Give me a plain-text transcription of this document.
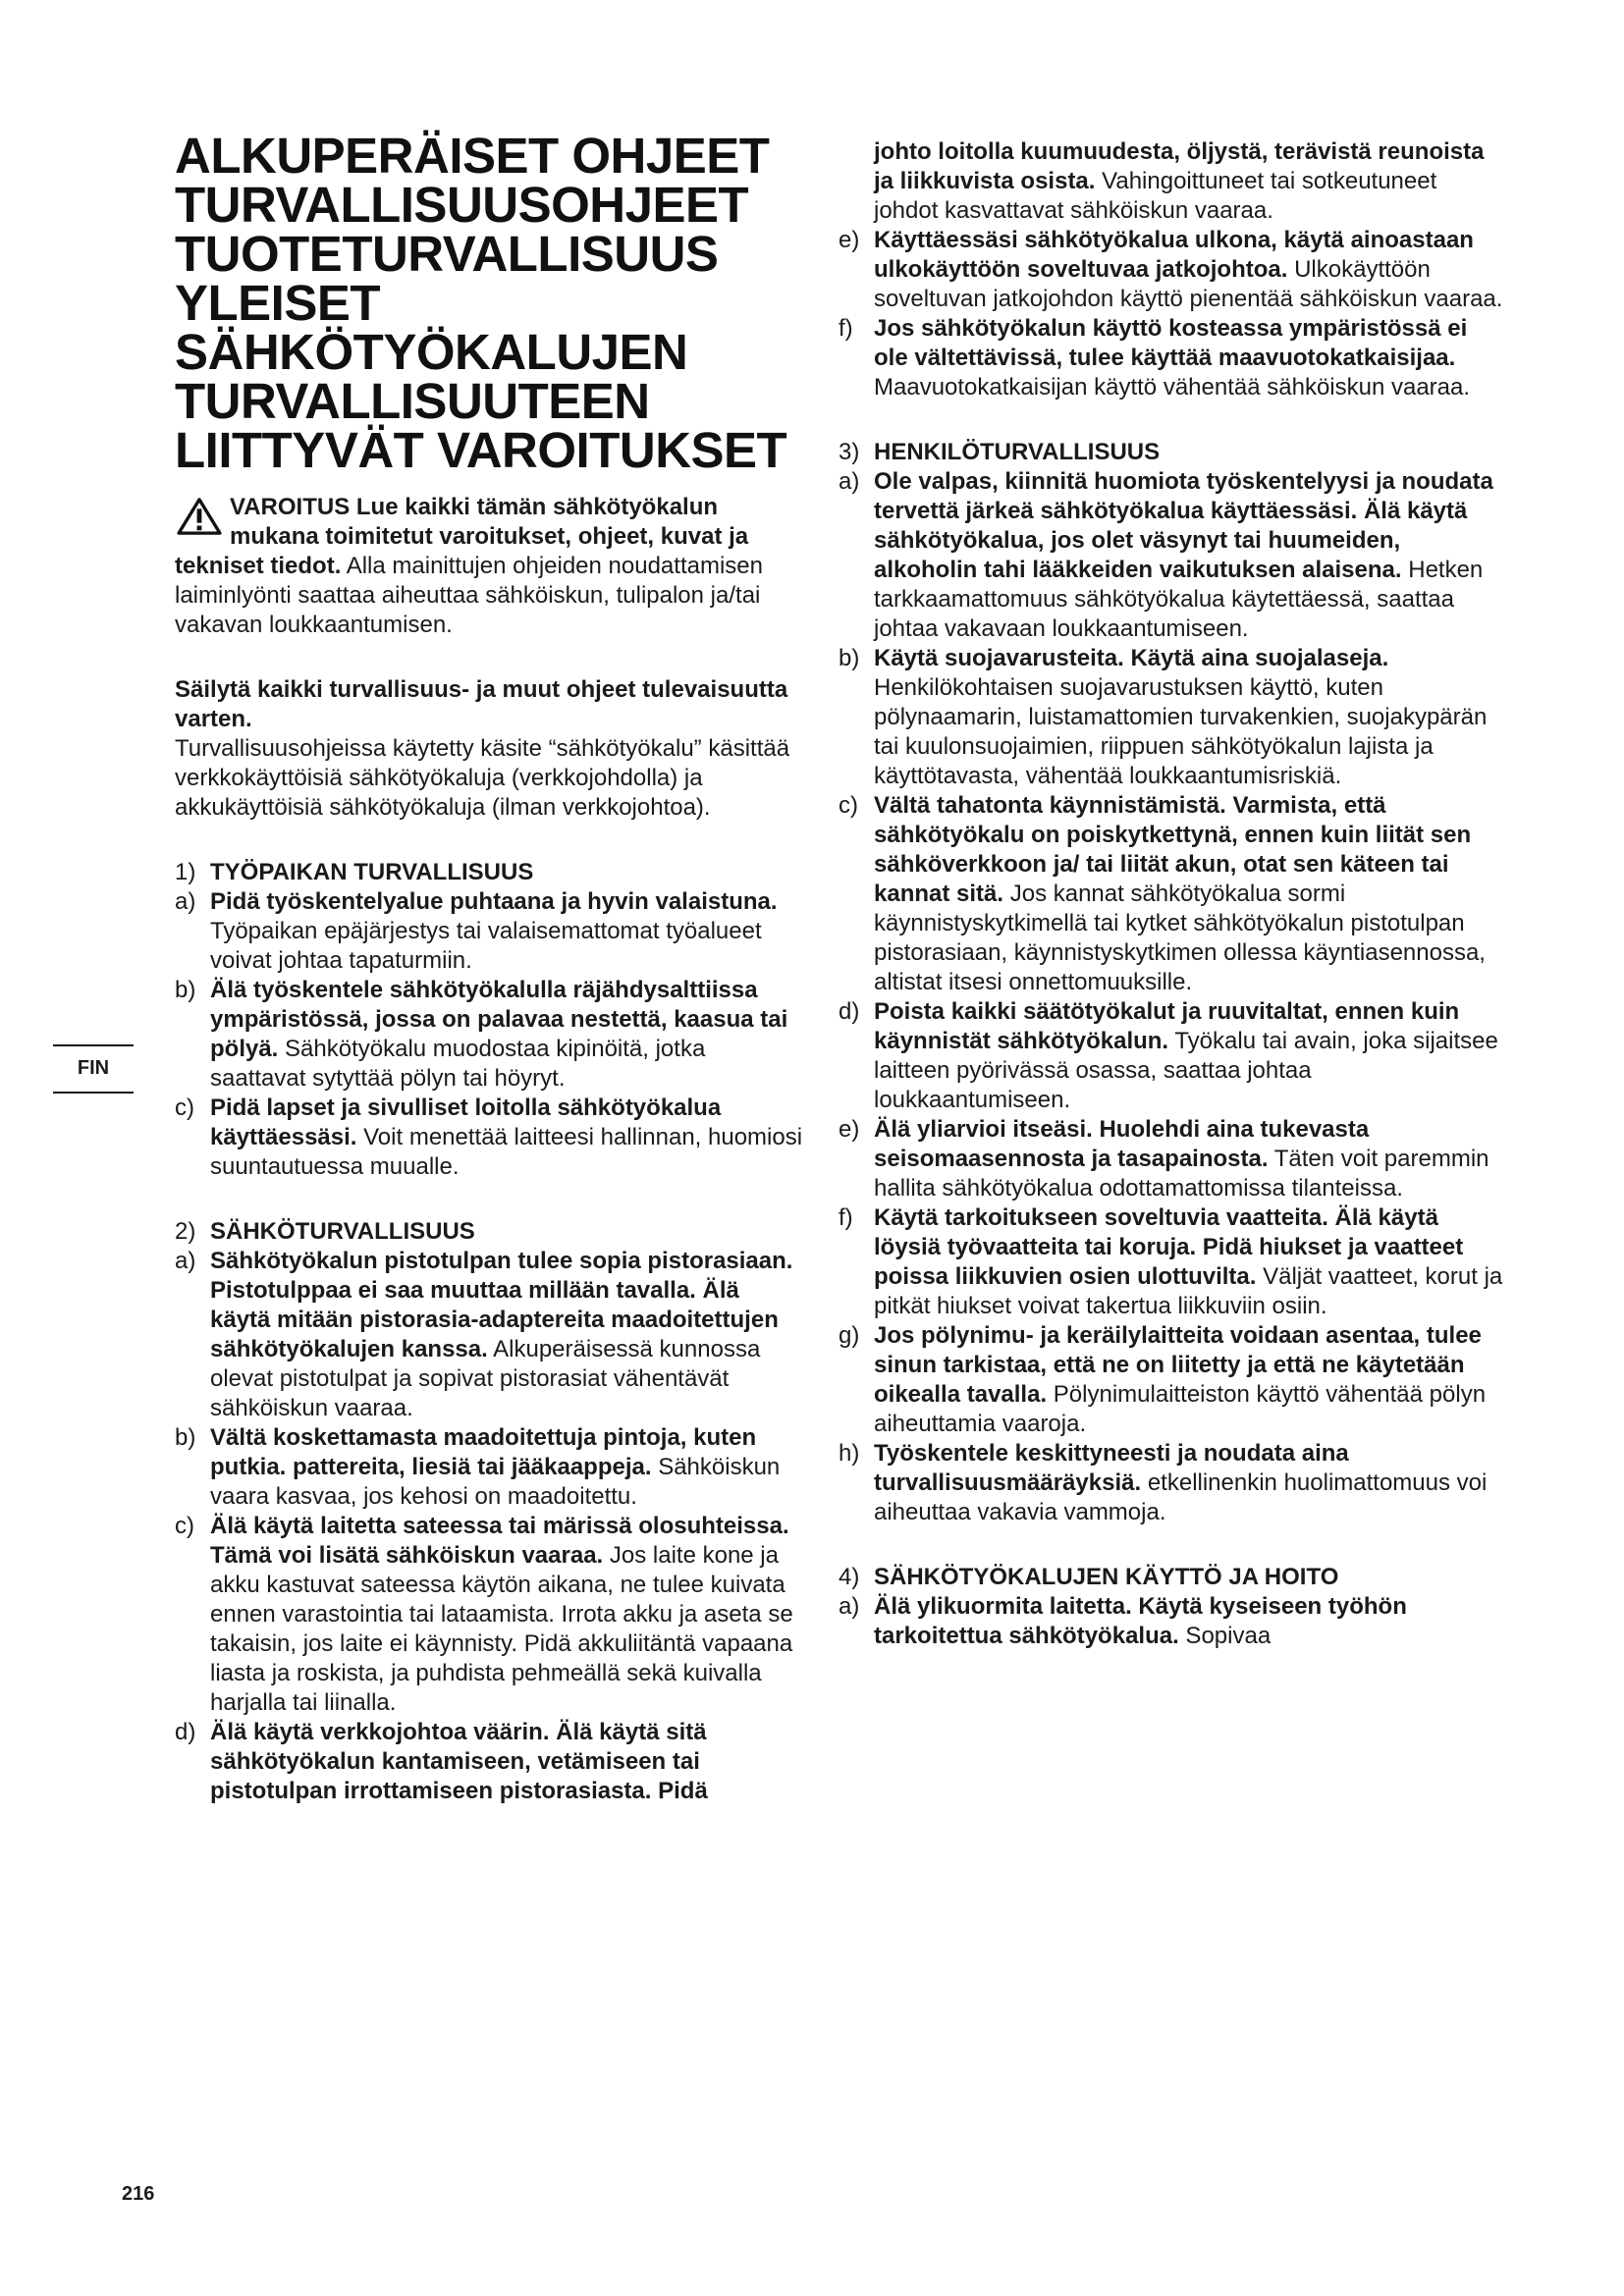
ALKUPERÄISET OHJEET
TURVALLISUUSOHJEET
TUOTETURVALLISUUS
YLEISET
SÄHKÖTYÖKALUJEN
TURVALLISUUTEEN
LIITTYVÄT VAROITUKSET

VAROITUS Lue kaikki tämän sähkötyökalun mukana toimitetut varoitukset, ohjeet, kuvat ja tekniset tiedot. Alla mainittujen ohjeiden noudattamisen laiminlyönti saattaa aiheuttaa sähköiskun, tulipalon ja/tai vakavan loukkaantumisen.

Säilytä kaikki turvallisuus- ja muut ohjeet tulevaisuutta varten.
Turvallisuusohjeissa käytetty käsite “sähkötyökalu” käsittää verkkokäyttöisiä sähkötyökaluja (verkkojohdolla) ja akkukäyttöisiä sähkötyökaluja (ilman verkkojohtoa).

1) TYÖPAIKAN TURVALLISUUS
a) Pidä työskentelyalue puhtaana ja hyvin valaistuna. Työpaikan epäjärjestys tai valaisemattomat työalueet voivat johtaa tapaturmiin.
b) Älä työskentele sähkötyökalulla räjähdysalttiissa ympäristössä, jossa on palavaa nestettä, kaasua tai pölyä. Sähkötyökalu muodostaa kipinöitä, jotka saattavat sytyttää pölyn tai höyryt.
c) Pidä lapset ja sivulliset loitolla sähkötyökalua käyttäessäsi. Voit menettää laitteesi hallinnan, huomiosi suuntautuessa muualle.
2) SÄHKÖTURVALLISUUS
a) Sähkötyökalun pistotulpan tulee sopia pistorasiaan. Pistotulppaa ei saa muuttaa millään tavalla. Älä käytä mitään pistorasia-adaptereita maadoitettujen sähkötyökalujen kanssa. Alkuperäisessä kunnossa olevat pistotulpat ja sopivat pistorasiat vähentävät sähköiskun vaaraa.
b) Vältä koskettamasta maadoitettuja pintoja, kuten putkia. pattereita, liesiä tai jääkaappeja. Sähköiskun vaara kasvaa, jos kehosi on maadoitettu.
c) Älä käytä laitetta sateessa tai märissä olosuhteissa. Tämä voi lisätä sähköiskun vaaraa. Jos laite kone ja akku kastuvat sateessa käytön aikana, ne tulee kuivata ennen varastointia tai lataamista. Irrota akku ja aseta se takaisin, jos laite ei käynnisty. Pidä akkuliitäntä vapaana liasta ja roskista, ja puhdista pehmeällä sekä kuivalla harjalla tai liinalla.
d) Älä käytä verkkojohtoa väärin. Älä käytä sitä sähkötyökalun kantamiseen, vetämiseen tai pistotulpan irrottamiseen pistorasiasta. Pidä
johto loitolla kuumuudesta, öljystä, terävistä reunoista ja liikkuvista osista. Vahingoittuneet tai sotkeutuneet johdot kasvattavat sähköiskun vaaraa.
e) Käyttäessäsi sähkötyökalua ulkona, käytä ainoastaan ulkokäyttöön soveltuvaa jatkojohtoa. Ulkokäyttöön soveltuvan jatkojohdon käyttö pienentää sähköiskun vaaraa.
f) Jos sähkötyökalun käyttö kosteassa ympäristössä ei ole vältettävissä, tulee käyttää maavuotokatkaisijaa. Maavuotokatkaisijan käyttö vähentää sähköiskun vaaraa.
3) HENKILÖTURVALLISUUS
a) Ole valpas, kiinnitä huomiota työskentelyysi ja noudata tervettä järkeä sähkötyökalua käyttäessäsi. Älä käytä sähkötyökalua, jos olet väsynyt tai huumeiden, alkoholin tahi lääkkeiden vaikutuksen alaisena. Hetken tarkkaamattomuus sähkötyökalua käytettäessä, saattaa johtaa vakavaan loukkaantumiseen.
b) Käytä suojavarusteita. Käytä aina suojalaseja. Henkilökohtaisen suojavarustuksen käyttö, kuten pölynaamarin, luistamattomien turvakenkien, suojakypärän tai kuulonsuojaimien, riippuen sähkötyökalun lajista ja käyttötavasta, vähentää loukkaantumisriskiä.
c) Vältä tahatonta käynnistämistä. Varmista, että sähkötyökalu on poiskytkettynä, ennen kuin liität sen sähköverkkoon ja/ tai liität akun, otat sen käteen tai kannat sitä. Jos kannat sähkötyökalua sormi käynnistyskytkimellä tai kytket sähkötyökalun pistotulpan pistorasiaan, käynnistyskytkimen ollessa käyntiasennossa, altistat itsesi onnettomuuksille.
d) Poista kaikki säätötyökalut ja ruuvitaltat, ennen kuin käynnistät sähkötyökalun. Työkalu tai avain, joka sijaitsee laitteen pyörivässä osassa, saattaa johtaa loukkaantumiseen.
e) Älä yliarvioi itseäsi. Huolehdi aina tukevasta seisomaasennosta ja tasapainosta. Täten voit paremmin hallita sähkötyökalua odottamattomissa tilanteissa.
f) Käytä tarkoitukseen soveltuvia vaatteita. Älä käytä löysiä työvaatteita tai koruja. Pidä hiukset ja vaatteet poissa liikkuvien osien ulottuvilta. Väljät vaatteet, korut ja pitkät hiukset voivat takertua liikkuviin osiin.
g) Jos pölynimu- ja keräilylaitteita voidaan asentaa, tulee sinun tarkistaa, että ne on liitetty ja että ne käytetään oikealla tavalla. Pölynimulaitteiston käyttö vähentää pölyn aiheuttamia vaaroja.
h) Työskentele keskittyneesti ja noudata aina turvallisuusmääräyksiä. etkellinenkin huolimattomuus voi aiheuttaa vakavia vammoja.
4) SÄHKÖTYÖKALUJEN KÄYTTÖ JA HOITO
a) Älä ylikuormita laitetta. Käytä kyseiseen työhön tarkoitettua sähkötyökalua. Sopivaa
FIN
216
